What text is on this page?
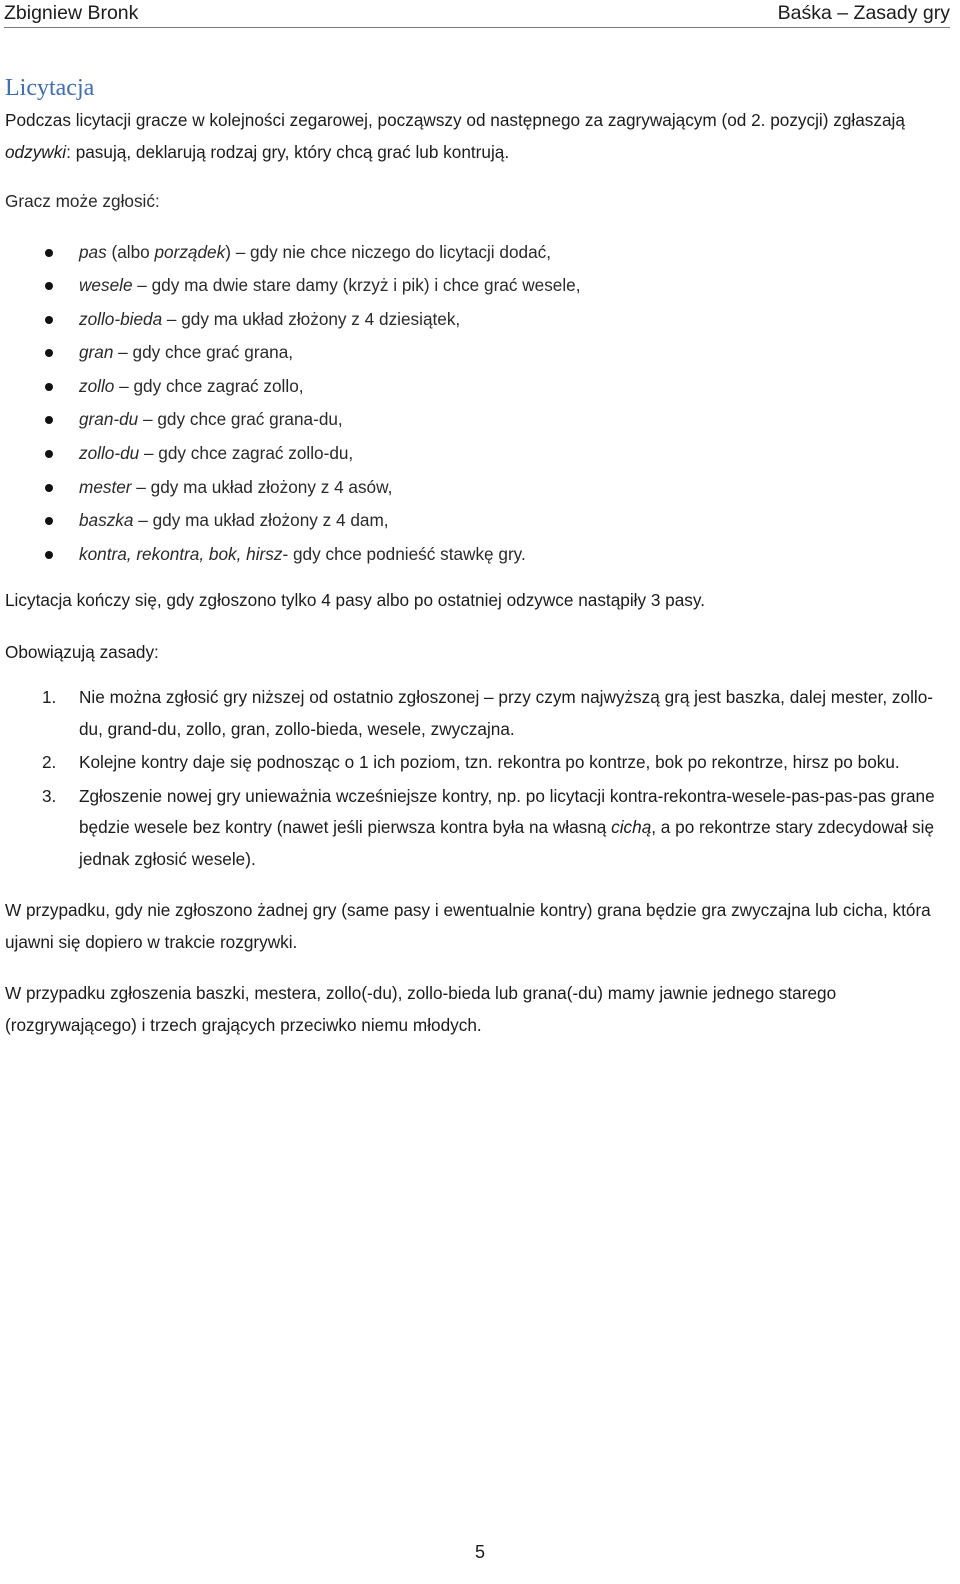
Zbigniew Bronk	Baśka – Zasady gry
Licytacja

Podczas licytacji gracze w kolejności zegarowej, począwszy od następnego za zagrywającym (od 2. pozycji) zgłaszają odzywki: pasują, deklarują rodzaj gry, który chcą grać lub kontrują.

Gracz może zgłosić:

pas (albo porządek) – gdy nie chce niczego do licytacji dodać,
wesele – gdy ma dwie stare damy (krzyż i pik) i chce grać wesele,
zollo-bieda – gdy ma układ złożony z 4 dziesiątek,
gran – gdy chce grać grana,
zollo – gdy chce zagrać zollo,
gran-du – gdy chce grać grana-du,
zollo-du – gdy chce zagrać zollo-du,
mester – gdy ma układ złożony z 4 asów,
baszka – gdy ma układ złożony z 4 dam,
kontra, rekontra, bok, hirsz- gdy chce podnieść stawkę gry.

Licytacja kończy się, gdy zgłoszono tylko 4 pasy albo po ostatniej odzywce nastąpiły 3 pasy.

Obowiązują zasady:

1. Nie można zgłosić gry niższej od ostatnio zgłoszonej – przy czym najwyższą grą jest baszka, dalej mester, zollo-du, grand-du, zollo, gran, zollo-bieda, wesele, zwyczajna.
2. Kolejne kontry daje się podnosząc o 1 ich poziom, tzn. rekontra po kontrze, bok po rekontrze, hirsz po boku.
3. Zgłoszenie nowej gry unieważnia wcześniejsze kontry, np. po licytacji kontra-rekontra-wesele-pas-pas-pas grane będzie wesele bez kontry (nawet jeśli pierwsza kontra była na własną cichą, a po rekontrze stary zdecydował się jednak zgłosić wesele).

W przypadku, gdy nie zgłoszono żadnej gry (same pasy i ewentualnie kontry) grana będzie gra zwyczajna lub cicha, która ujawni się dopiero w trakcie rozgrywki.

W przypadku zgłoszenia baszki, mestera, zollo(-du), zollo-bieda lub grana(-du) mamy jawnie jednego starego (rozgrywającego) i trzech grających przeciwko niemu młodych.

5
